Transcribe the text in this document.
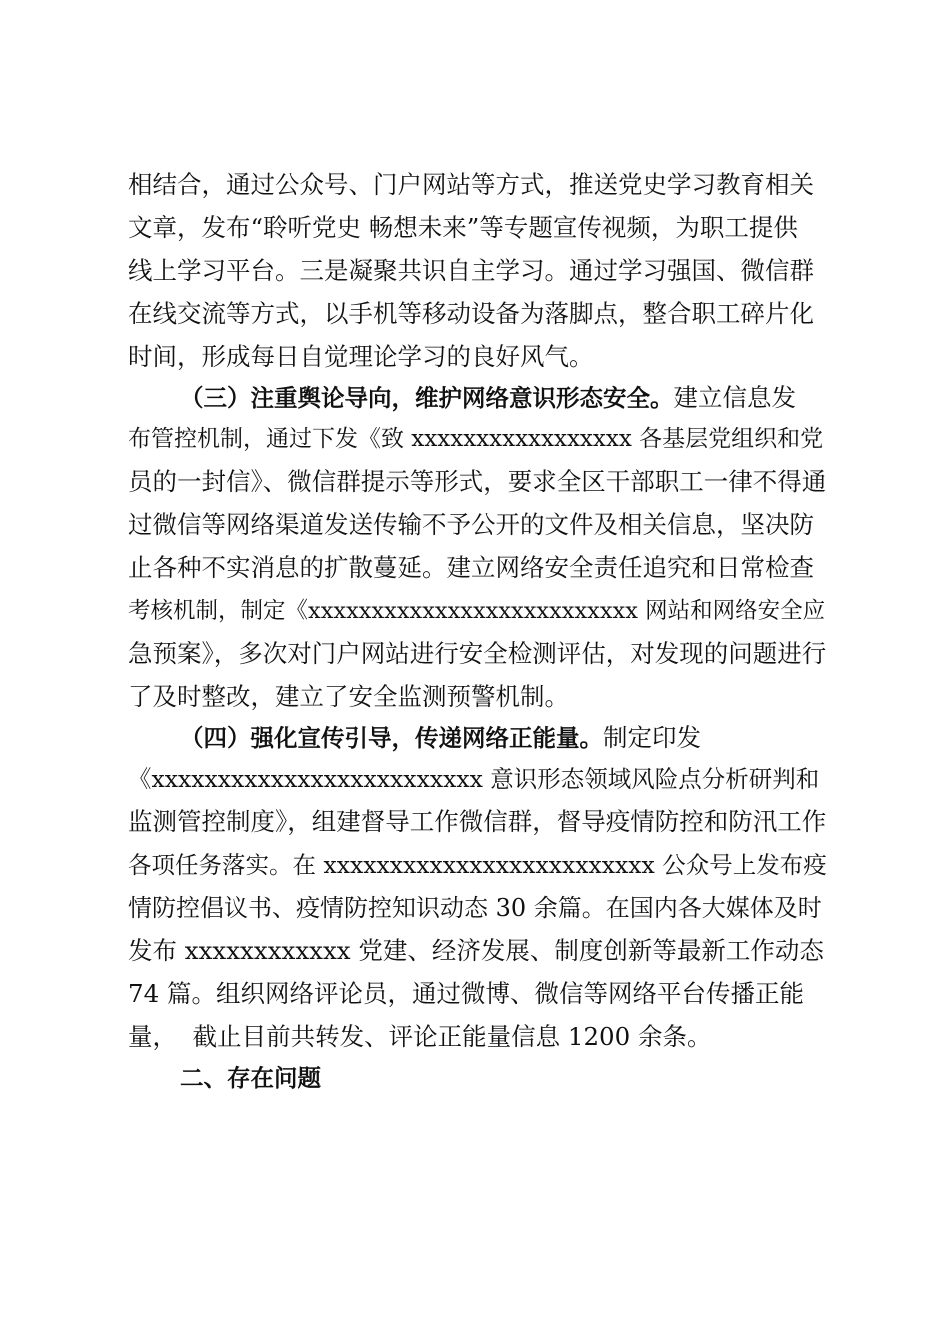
相结合，通过公众号、门户网站等方式，推送党史学习教育相关
文章，发布“聆听党史 畅想未来”等专题宣传视频，为职工提供
线上学习平台。三是凝聚共识自主学习。通过学习强国、微信群
在线交流等方式，以手机等移动设备为落脚点，整合职工碎片化
时间，形成每日自觉理论学习的良好风气。
（三）注重舆论导向，维护网络意识形态安全。建立信息发
布管控机制，通过下发《致 xxxxxxxxxxxxxxxxx 各基层党组织和党
员的一封信》、微信群提示等形式，要求全区干部职工一律不得通
过微信等网络渠道发送传输不予公开的文件及相关信息，坚决防
止各种不实消息的扩散蔓延。建立网络安全责任追究和日常检查
考核机制，制定《xxxxxxxxxxxxxxxxxxxxxxxxxx 网站和网络安全应
急预案》，多次对门户网站进行安全检测评估，对发现的问题进行
了及时整改，建立了安全监测预警机制。
（四）强化宣传引导，传递网络正能量。制定印发
《xxxxxxxxxxxxxxxxxxxxxxxxx 意识形态领域风险点分析研判和
监测管控制度》，组建督导工作微信群，督导疫情防控和防汛工作
各项任务落实。在 xxxxxxxxxxxxxxxxxxxxxxxxx 公众号上发布疫
情防控倡议书、疫情防控知识动态 30 余篇。在国内各大媒体及时
发布 xxxxxxxxxxxx 党建、经济发展、制度创新等最新工作动态
74 篇。组织网络评论员，通过微博、微信等网络平台传播正能
量，  截止目前共转发、评论正能量信息 1200 余条。
二、存在问题
